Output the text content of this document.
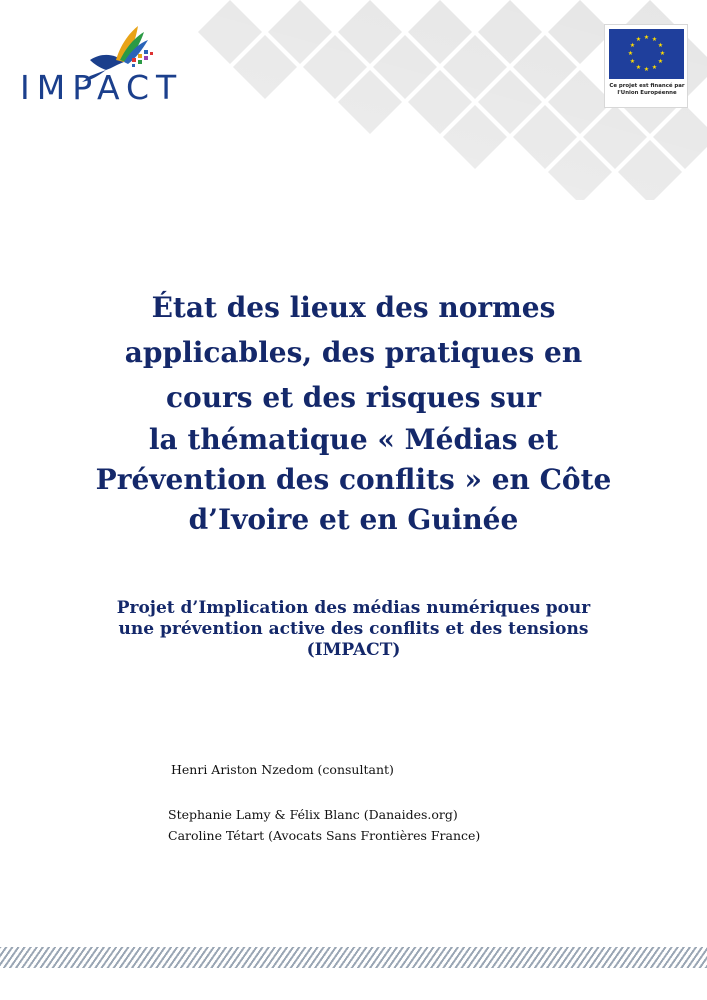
IMPACT
★ ★
★
★
★
★
★
★
★
★
★
★
Ce projet est financé par
l'Union Européenne
État des lieux des normes
applicables, des pratiques en
cours et des risques sur
la thématique « Médias et
Prévention des conflits » en Côte
d’Ivoire et en Guinée
Projet d’Implication des médias numériques pour
une prévention active des conflits et des tensions
(IMPACT)
Henri Ariston Nzedom (consultant)
Stephanie Lamy & Félix Blanc (Danaides.org)
Caroline Tétart (Avocats Sans Frontières France)
